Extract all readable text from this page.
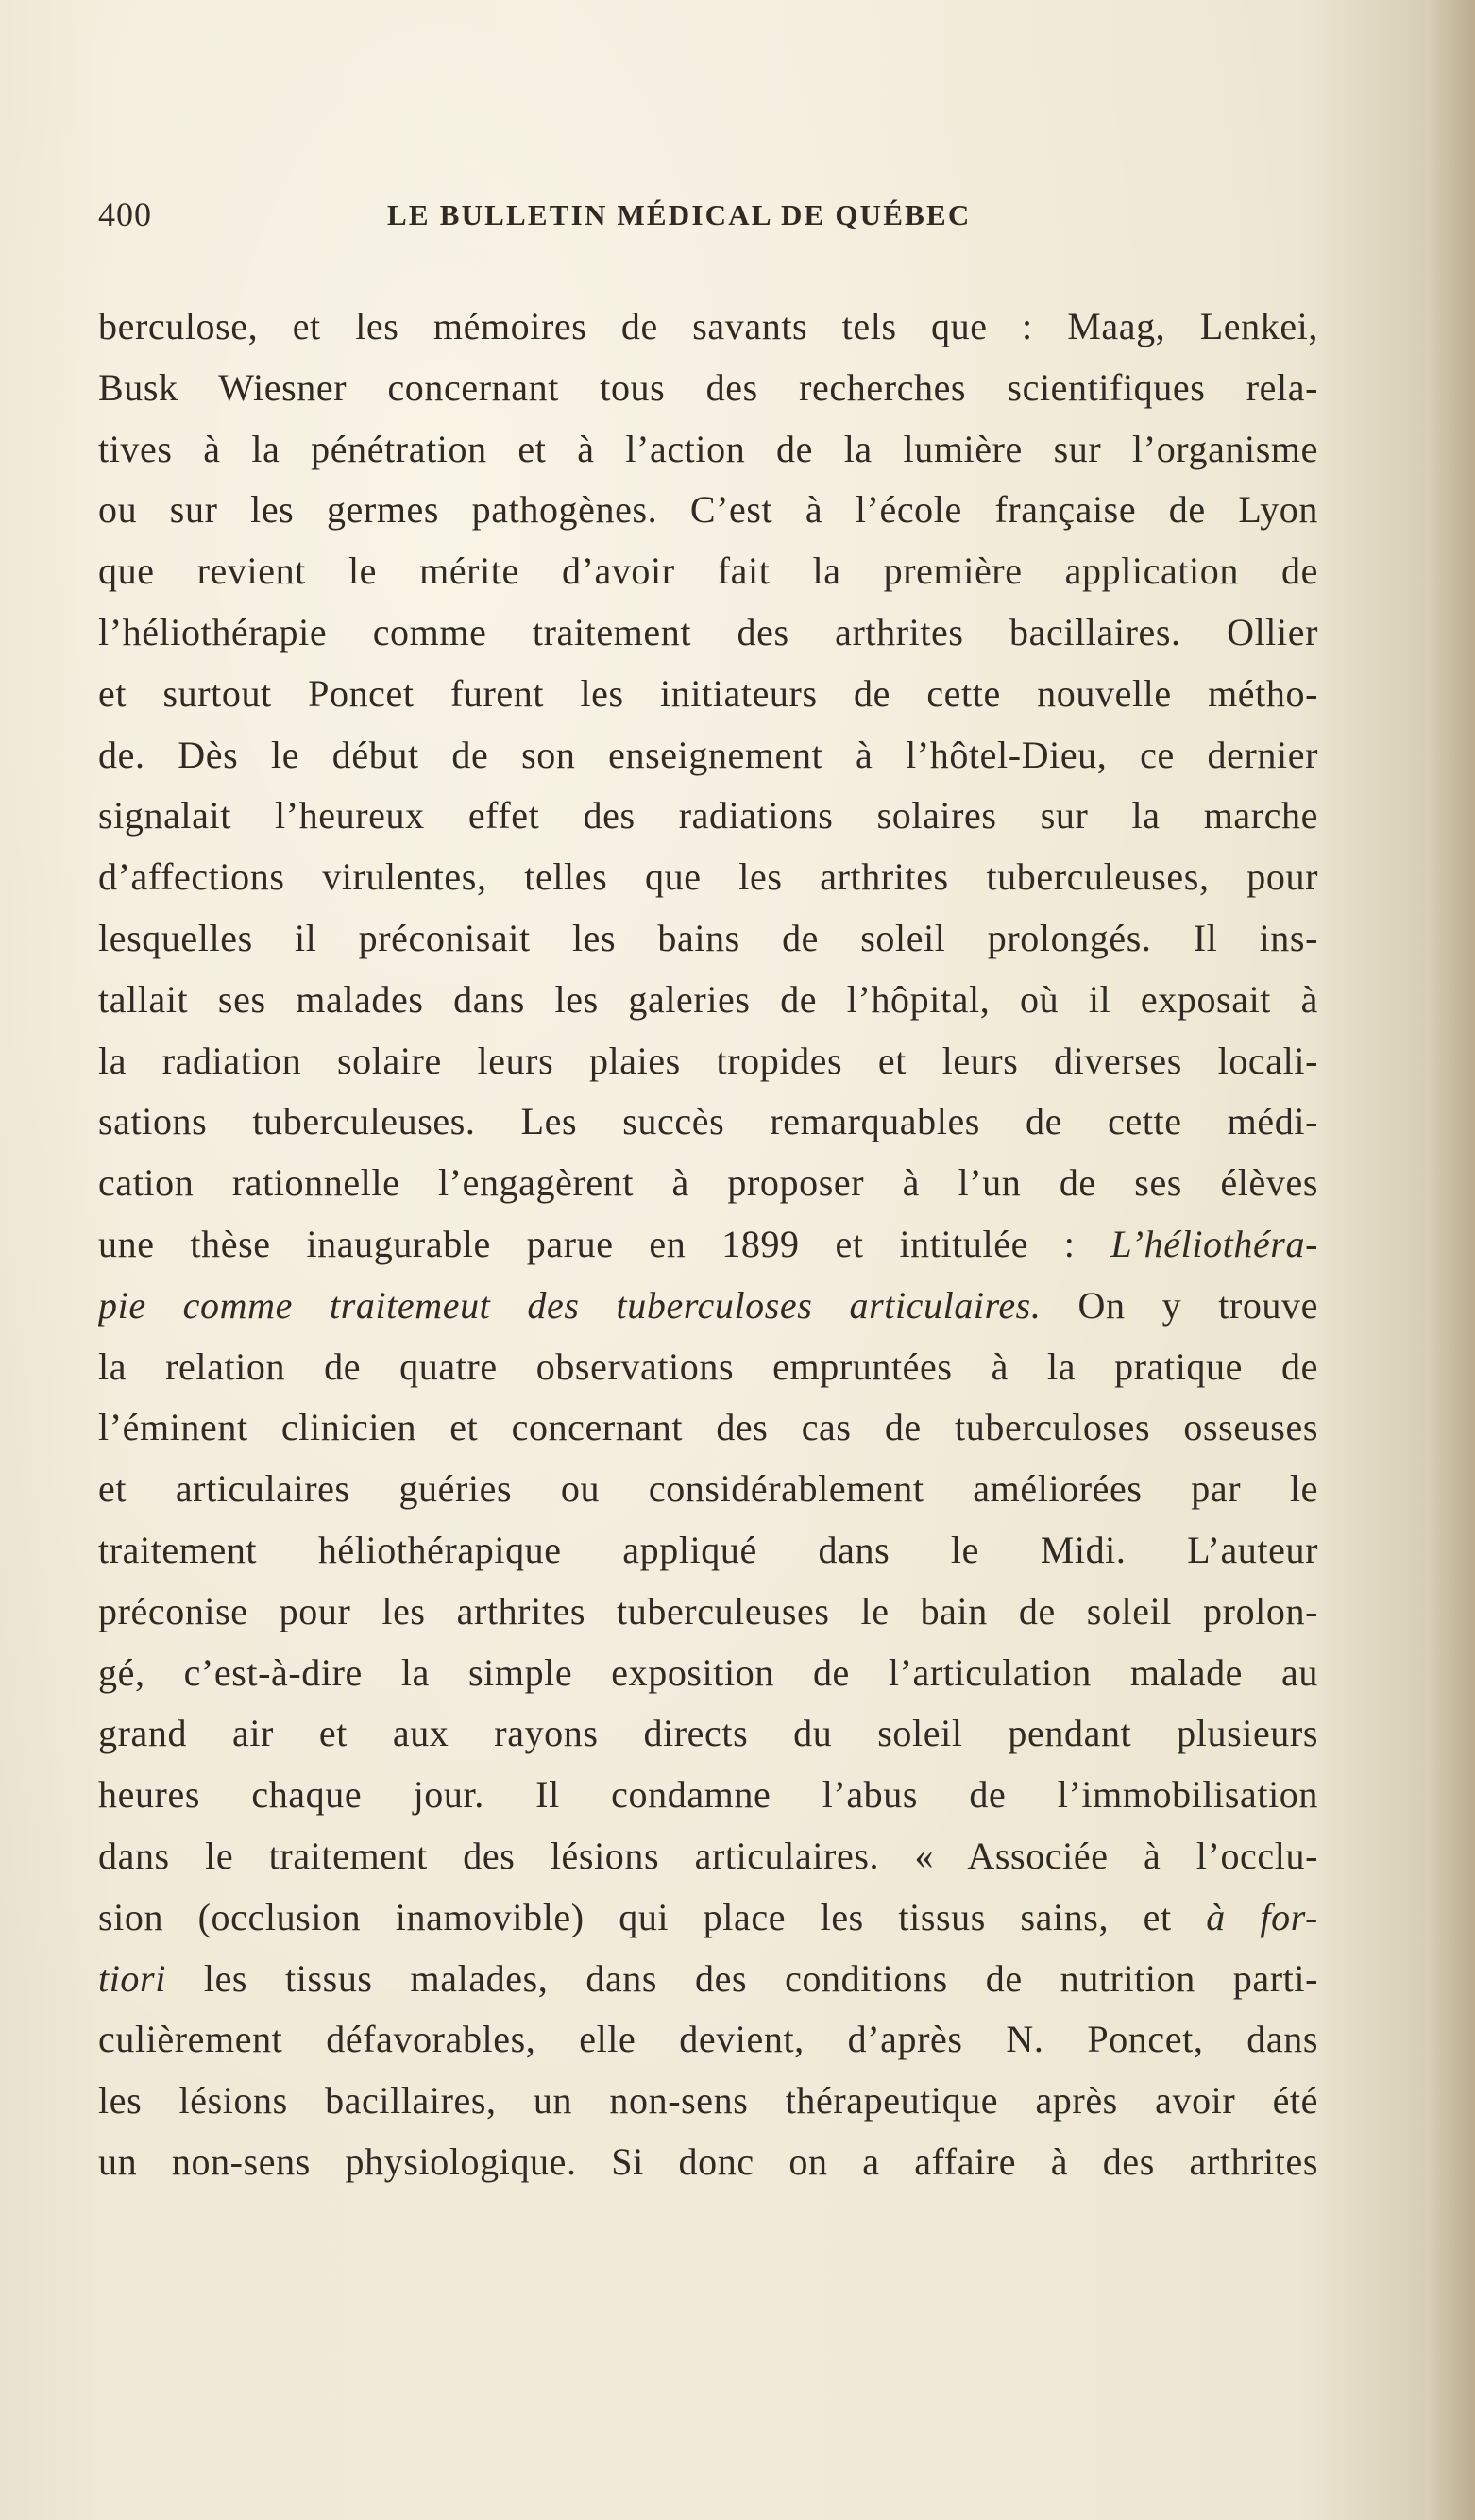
400	LE BULLETIN MÉDICAL DE QUÉBEC
berculose, et les mémoires de savants tels que : Maag, Lenkei,
Busk Wiesner concernant tous des recherches scientifiques rela-
tives à la pénétration et à l’action de la lumière sur l’organisme
ou sur les germes pathogènes. C’est à l’école française de Lyon
que revient le mérite d’avoir fait la première application de
l’héliothérapie comme traitement des arthrites bacillaires. Ollier
et surtout Poncet furent les initiateurs de cette nouvelle métho-
de. Dès le début de son enseignement à l’hôtel-Dieu, ce dernier
signalait l’heureux effet des radiations solaires sur la marche
d’affections virulentes, telles que les arthrites tuberculeuses, pour
lesquelles il préconisait les bains de soleil prolongés. Il ins-
tallait ses malades dans les galeries de l’hôpital, où il exposait à
la radiation solaire leurs plaies tropides et leurs diverses locali-
sations tuberculeuses. Les succès remarquables de cette médi-
cation rationnelle l’engagèrent à proposer à l’un de ses élèves
une thèse inaugurable parue en 1899 et intitulée : L’héliothéra-
pie comme traitemeut des tuberculoses articulaires. On y trouve
la relation de quatre observations empruntées à la pratique de
l’éminent clinicien et concernant des cas de tuberculoses osseuses
et articulaires guéries ou considérablement améliorées par le
traitement héliothérapique appliqué dans le Midi. L’auteur
préconise pour les arthrites tuberculeuses le bain de soleil prolon-
gé, c’est-à-dire la simple exposition de l’articulation malade au
grand air et aux rayons directs du soleil pendant plusieurs
heures chaque jour. Il condamne l’abus de l’immobilisation
dans le traitement des lésions articulaires. « Associée à l’occlu-
sion (occlusion inamovible) qui place les tissus sains, et à for-
tiori les tissus malades, dans des conditions de nutrition parti-
culièrement défavorables, elle devient, d’après N. Poncet, dans
les lésions bacillaires, un non-sens thérapeutique après avoir été
un non-sens physiologique. Si donc on a affaire à des arthrites
